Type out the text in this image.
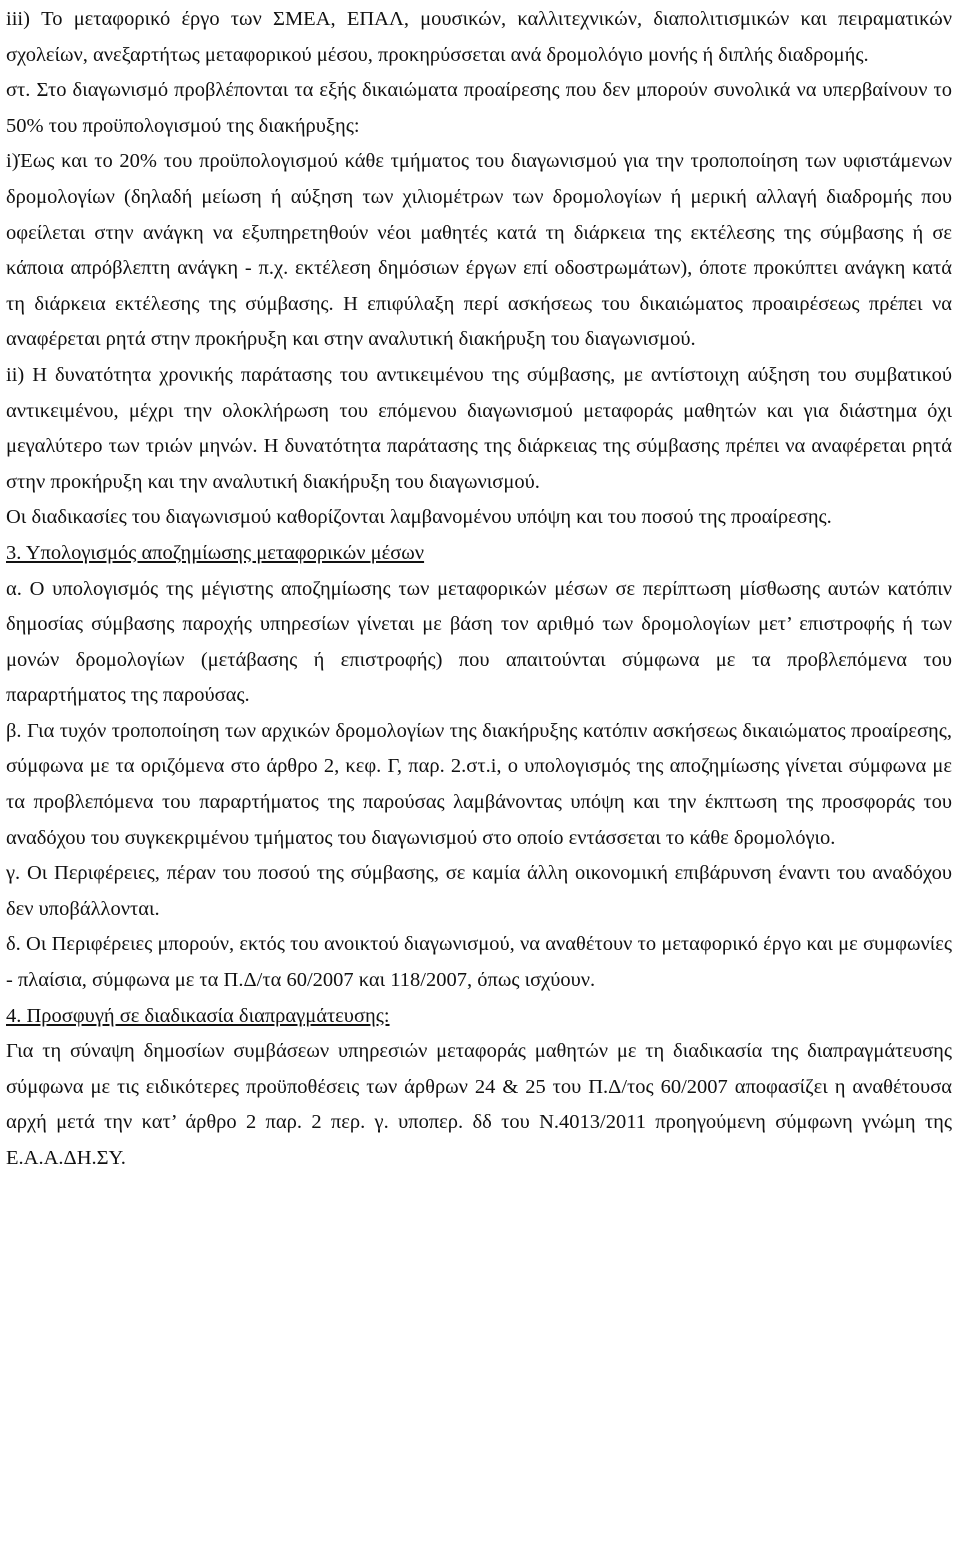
iii) Το μεταφορικό έργο των ΣΜΕΑ, ΕΠΑΛ, μουσικών, καλλιτεχνικών, διαπολιτισμικών και πειραματικών σχολείων, ανεξαρτήτως μεταφορικού μέσου, προκηρύσσεται ανά δρομολόγιο μονής ή διπλής διαδρομής.

στ. Στο διαγωνισμό προβλέπονται τα εξής δικαιώματα προαίρεσης που δεν μπορούν συνολικά να υπερβαίνουν το 50% του προϋπολογισμού της διακήρυξης:

i)Έως και το 20% του προϋπολογισμού κάθε τμήματος του διαγωνισμού για την τροποποίηση των υφιστάμενων δρομολογίων (δηλαδή μείωση ή αύξηση των χιλιομέτρων των δρομολογίων ή μερική αλλαγή διαδρομής που οφείλεται στην ανάγκη να εξυπηρετηθούν νέοι μαθητές κατά τη διάρκεια της εκτέλεσης της σύμβασης ή σε κάποια απρόβλεπτη ανάγκη - π.χ. εκτέλεση δημόσιων έργων επί οδοστρωμάτων), όποτε προκύπτει ανάγκη κατά τη διάρκεια εκτέλεσης της σύμβασης. Η επιφύλαξη περί ασκήσεως του δικαιώματος προαιρέσεως πρέπει να αναφέρεται ρητά στην προκήρυξη και στην αναλυτική διακήρυξη του διαγωνισμού.

ii) Η δυνατότητα χρονικής παράτασης του αντικειμένου της σύμβασης, με αντίστοιχη αύξηση του συμβατικού αντικειμένου, μέχρι την ολοκλήρωση του επόμενου διαγωνισμού μεταφοράς μαθητών και για διάστημα όχι μεγαλύτερο των τριών μηνών. Η δυνατότητα παράτασης της διάρκειας της σύμβασης πρέπει να αναφέρεται ρητά στην προκήρυξη και την αναλυτική διακήρυξη του διαγωνισμού.

Οι διαδικασίες του διαγωνισμού καθορίζονται λαμβανομένου υπόψη και του ποσού της προαίρεσης.

3. Υπολογισμός αποζημίωσης μεταφορικών μέσων

α. Ο υπολογισμός της μέγιστης αποζημίωσης των μεταφορικών μέσων σε περίπτωση μίσθωσης αυτών κατόπιν δημοσίας σύμβασης παροχής υπηρεσίων γίνεται με βάση τον αριθμό των δρομολογίων μετ’ επιστροφής ή των μονών δρομολογίων (μετάβασης ή επιστροφής) που απαιτούνται σύμφωνα με τα προβλεπόμενα του παραρτήματος της παρούσας.

β. Για τυχόν τροποποίηση των αρχικών δρομολογίων της διακήρυξης κατόπιν ασκήσεως δικαιώματος προαίρεσης, σύμφωνα με τα οριζόμενα στο άρθρο 2, κεφ. Γ, παρ. 2.στ.i, ο υπολογισμός της αποζημίωσης γίνεται σύμφωνα με τα προβλεπόμενα του παραρτήματος της παρούσας λαμβάνοντας υπόψη και την έκπτωση της προσφοράς του αναδόχου του συγκεκριμένου τμήματος του διαγωνισμού στο οποίο εντάσσεται το κάθε δρομολόγιο.

γ. Οι Περιφέρειες, πέραν του ποσού της σύμβασης, σε καμία άλλη οικονομική επιβάρυνση έναντι του αναδόχου δεν υποβάλλονται.

δ. Οι Περιφέρειες μπορούν, εκτός του ανοικτού διαγωνισμού, να αναθέτουν το μεταφορικό έργο και με συμφωνίες - πλαίσια, σύμφωνα με τα Π.Δ/τα 60/2007 και 118/2007, όπως ισχύουν.

4. Προσφυγή σε διαδικασία διαπραγμάτευσης:

Για τη σύναψη δημοσίων συμβάσεων υπηρεσιών μεταφοράς μαθητών με τη διαδικασία της διαπραγμάτευσης σύμφωνα με τις ειδικότερες προϋποθέσεις των άρθρων 24 & 25 του Π.Δ/τος 60/2007 αποφασίζει η αναθέτουσα αρχή μετά την κατ’ άρθρο 2 παρ. 2 περ. γ. υποπερ. δδ του Ν.4013/2011 προηγούμενη σύμφωνη γνώμη της Ε.Α.Α.ΔΗ.ΣΥ.
